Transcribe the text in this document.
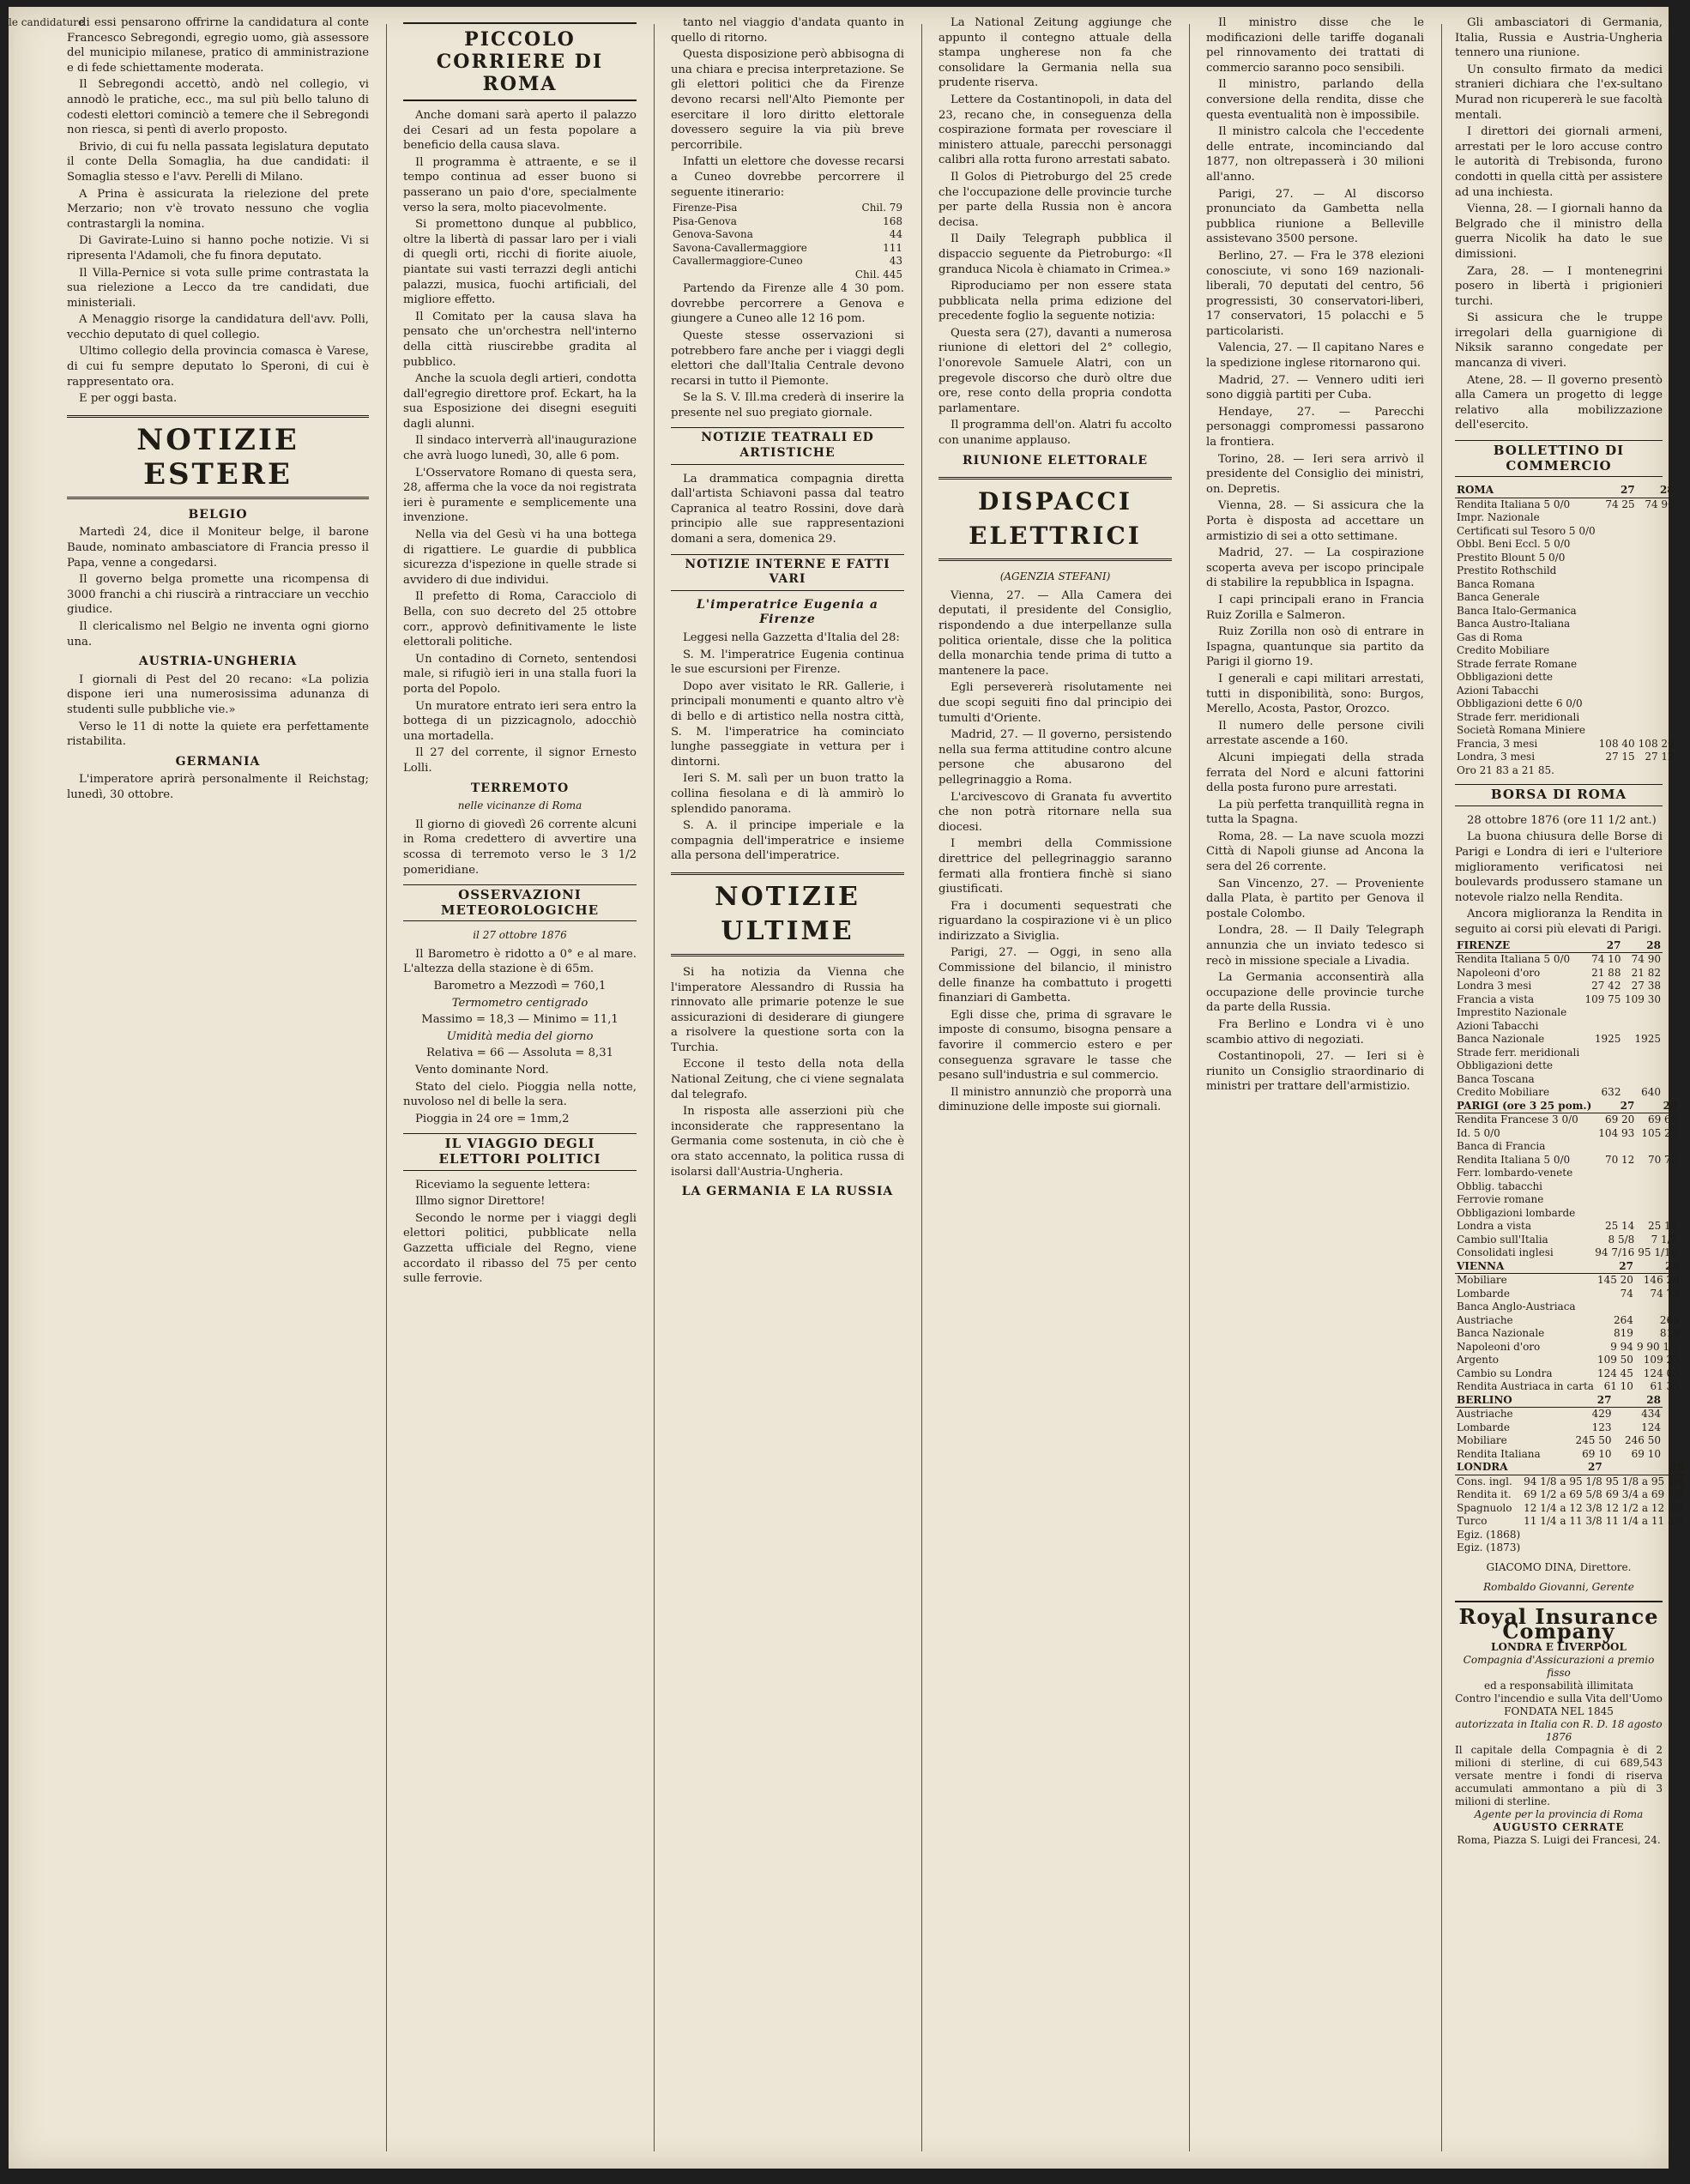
le candidature

di essi pensarono offrirne la candidatura al conte Francesco Sebregondi, egregio uomo, già assessore del municipio milanese, pratico di amministrazione e di fede schiettamente moderata.

Il Sebregondi accettò, andò nel collegio, vi annodò le pratiche, ecc., ma sul più bello taluno di codesti elettori cominciò a temere che il Sebregondi non riesca, si pentì di averlo proposto.

Brivio, di cui fu nella passata legislatura deputato il conte Della Somaglia, ha due candidati: il Somaglia stesso e l'avv. Perelli di Milano.

A Prina è assicurata la rielezione del prete Merzario; non v'è trovato nessuno che voglia contrastargli la nomina.

Di Gavirate-Luino si hanno poche notizie. Vi si ripresenta l'Adamoli, che fu finora deputato.

Il Villa-Pernice si vota sulle prime contrastata la sua rielezione a Lecco da tre candidati, due ministeriali.

A Menaggio risorge la candidatura dell'avv. Polli, vecchio deputato di quel collegio.

Ultimo collegio della provincia comasca è Varese, di cui fu sempre deputato lo Speroni, di cui è rappresentato ora.

E per oggi basta.

NOTIZIE ESTERE
BELGIO

Martedì 24, dice il Moniteur belge, il barone Baude, nominato ambasciatore di Francia presso il Papa, venne a congedarsi.

Il governo belga promette una ricompensa di 3000 franchi a chi riuscirà a rintracciare un vecchio giudice.

Il clericalismo nel Belgio ne inventa ogni giorno una.

AUSTRIA-UNGHERIA

I giornali di Pest del 20 recano: «La polizia dispone ieri una numerosissima adunanza di studenti sulle pubbliche vie.»

Verso le 11 di notte la quiete era perfettamente ristabilita.

GERMANIA

L'imperatore aprirà personalmente il Reichstag; lunedì, 30 ottobre.

PICCOLO CORRIERE DI ROMA

Anche domani sarà aperto il palazzo dei Cesari ad un festa popolare a beneficio della causa slava.

Il programma è attraente, e se il tempo continua ad esser buono si passerano un paio d'ore, specialmente verso la sera, molto piacevolmente.

Si promettono dunque al pubblico, oltre la libertà di passar laro per i viali di quegli orti, ricchi di fiorite aiuole, piantate sui vasti terrazzi degli antichi palazzi, musica, fuochi artificiali, del migliore effetto.

Il Comitato per la causa slava ha pensato che un'orchestra nell'interno della città riuscirebbe gradita al pubblico.

Anche la scuola degli artieri, condotta dall'egregio direttore prof. Eckart, ha la sua Esposizione dei disegni eseguiti dagli alunni.

Il sindaco interverrà all'inaugurazione che avrà luogo lunedì, 30, alle 6 pom.

L'Osservatore Romano di questa sera, 28, afferma che la voce da noi registrata ieri è puramente e semplicemente una invenzione.

Nella via del Gesù vi ha una bottega di rigattiere. Le guardie di pubblica sicurezza d'ispezione in quelle strade si avvidero di due individui.

Il prefetto di Roma, Caracciolo di Bella, con suo decreto del 25 ottobre corr., approvò definitivamente le liste elettorali politiche.

Un contadino di Corneto, sentendosi male, si rifugiò ieri in una stalla fuori la porta del Popolo.

Un muratore entrato ieri sera entro la bottega di un pizzicagnolo, adocchiò una mortadella.

Il 27 del corrente, il signor Ernesto Lolli.

TERREMOTO
nelle vicinanze di Roma

Il giorno di giovedì 26 corrente alcuni in Roma credettero di avvertire una scossa di terremoto verso le 3 1/2 pomeridiane.

OSSERVAZIONI METEOROLOGICHE
il 27 ottobre 1876

Il Barometro è ridotto a 0° e al mare. L'altezza della stazione è di 65m.

Barometro a Mezzodì = 760,1

Termometro centigrado

Massimo = 18,3 — Minimo = 11,1

Umidità media del giorno

Relativa = 66 — Assoluta = 8,31

Vento dominante Nord.

Stato del cielo. Pioggia nella notte, nuvoloso nel di belle la sera.

Pioggia in 24 ore = 1mm,2

IL VIAGGIO DEGLI ELETTORI POLITICI

Riceviamo la seguente lettera:

Illmo signor Direttore!

Secondo le norme per i viaggi degli elettori politici, pubblicate nella Gazzetta ufficiale del Regno, viene accordato il ribasso del 75 per cento sulle ferrovie.

tanto nel viaggio d'andata quanto in quello di ritorno.

Questa disposizione però abbisogna di una chiara e precisa interpretazione. Se gli elettori politici che da Firenze devono recarsi nell'Alto Piemonte per esercitare il loro diritto elettorale dovessero seguire la via più breve percorribile.

Infatti un elettore che dovesse recarsi a Cuneo dovrebbe percorrere il seguente itinerario:

Firenze-Pisa	Chil. 79
Pisa-Genova	168
Genova-Savona	44
Savona-Cavallermaggiore	111
Cavallermaggiore-Cuneo	43
	Chil. 445

Partendo da Firenze alle 4 30 pom. dovrebbe percorrere a Genova e giungere a Cuneo alle 12 16 pom.

Queste stesse osservazioni si potrebbero fare anche per i viaggi degli elettori che dall'Italia Centrale devono recarsi in tutto il Piemonte.

Se la S. V. Ill.ma crederà di inserire la presente nel suo pregiato giornale.

NOTIZIE TEATRALI ED ARTISTICHE

La drammatica compagnia diretta dall'artista Schiavoni passa dal teatro Capranica al teatro Rossini, dove darà principio alle sue rappresentazioni domani a sera, domenica 29.

NOTIZIE INTERNE E FATTI VARI
L'imperatrice Eugenia a Firenze

Leggesi nella Gazzetta d'Italia del 28:

S. M. l'imperatrice Eugenia continua le sue escursioni per Firenze.

Dopo aver visitato le RR. Gallerie, i principali monumenti e quanto altro v'è di bello e di artistico nella nostra città, S. M. l'imperatrice ha cominciato lunghe passeggiate in vettura per i dintorni.

Ieri S. M. salì per un buon tratto la collina fiesolana e di là ammirò lo splendido panorama.

S. A. il principe imperiale e la compagnia dell'imperatrice e insieme alla persona dell'imperatrice.

NOTIZIE ULTIME

Si ha notizia da Vienna che l'imperatore Alessandro di Russia ha rinnovato alle primarie potenze le sue assicurazioni di desiderare di giungere a risolvere la questione sorta con la Turchia.

Eccone il testo della nota della National Zeitung, che ci viene segnalata dal telegrafo.

In risposta alle asserzioni più che inconsiderate che rappresentano la Germania come sostenuta, in ciò che è ora stato accennato, la politica russa di isolarsi dall'Austria-Ungheria.

LA GERMANIA E LA RUSSIA

La National Zeitung aggiunge che appunto il contegno attuale della stampa ungherese non fa che consolidare la Germania nella sua prudente riserva.

Lettere da Costantinopoli, in data del 23, recano che, in conseguenza della cospirazione formata per rovesciare il ministero attuale, parecchi personaggi calibri alla rotta furono arrestati sabato.

Il Golos di Pietroburgo del 25 crede che l'occupazione delle provincie turche per parte della Russia non è ancora decisa.

Il Daily Telegraph pubblica il dispaccio seguente da Pietroburgo: «Il granduca Nicola è chiamato in Crimea.»

Riproduciamo per non essere stata pubblicata nella prima edizione del precedente foglio la seguente notizia:

Questa sera (27), davanti a numerosa riunione di elettori del 2° collegio, l'onorevole Samuele Alatri, con un pregevole discorso che durò oltre due ore, rese conto della propria condotta parlamentare.

Il programma dell'on. Alatri fu accolto con unanime applauso.

RIUNIONE ELETTORALE
DISPACCI ELETTRICI
(AGENZIA STEFANI)

Vienna, 27. — Alla Camera dei deputati, il presidente del Consiglio, rispondendo a due interpellanze sulla politica orientale, disse che la politica della monarchia tende prima di tutto a mantenere la pace.

Egli persevererà risolutamente nei due scopi seguiti fino dal principio dei tumulti d'Oriente.

Madrid, 27. — Il governo, persistendo nella sua ferma attitudine contro alcune persone che abusarono del pellegrinaggio a Roma.

L'arcivescovo di Granata fu avvertito che non potrà ritornare nella sua diocesi.

I membri della Commissione direttrice del pellegrinaggio saranno fermati alla frontiera finchè si siano giustificati.

Fra i documenti sequestrati che riguardano la cospirazione vi è un plico indirizzato a Siviglia.

Parigi, 27. — Oggi, in seno alla Commissione del bilancio, il ministro delle finanze ha combattuto i progetti finanziari di Gambetta.

Egli disse che, prima di sgravare le imposte di consumo, bisogna pensare a favorire il commercio estero e per conseguenza sgravare le tasse che pesano sull'industria e sul commercio.

Il ministro annunziò che proporrà una diminuzione delle imposte sui giornali.

Il ministro disse che le modificazioni delle tariffe doganali pel rinnovamento dei trattati di commercio saranno poco sensibili.

Il ministro, parlando della conversione della rendita, disse che questa eventualità non è impossibile.

Il ministro calcola che l'eccedente delle entrate, incominciando dal 1877, non oltrepasserà i 30 milioni all'anno.

Parigi, 27. — Al discorso pronunciato da Gambetta nella pubblica riunione a Belleville assistevano 3500 persone.

Berlino, 27. — Fra le 378 elezioni conosciute, vi sono 169 nazionali-liberali, 70 deputati del centro, 56 progressisti, 30 conservatori-liberi, 17 conservatori, 15 polacchi e 5 particolaristi.

Valencia, 27. — Il capitano Nares e la spedizione inglese ritornarono qui.

Madrid, 27. — Vennero uditi ieri sono diggià partiti per Cuba.

Hendaye, 27. — Parecchi personaggi compromessi passarono la frontiera.

Torino, 28. — Ieri sera arrivò il presidente del Consiglio dei ministri, on. Depretis.

Vienna, 28. — Si assicura che la Porta è disposta ad accettare un armistizio di sei a otto settimane.

Madrid, 27. — La cospirazione scoperta aveva per iscopo principale di stabilire la repubblica in Ispagna.

I capi principali erano in Francia Ruiz Zorilla e Salmeron.

Ruiz Zorilla non osò di entrare in Ispagna, quantunque sia partito da Parigi il giorno 19.

I generali e capi militari arrestati, tutti in disponibilità, sono: Burgos, Merello, Acosta, Pastor, Orozco.

Il numero delle persone civili arrestate ascende a 160.

Alcuni impiegati della strada ferrata del Nord e alcuni fattorini della posta furono pure arrestati.

La più perfetta tranquillità regna in tutta la Spagna.

Roma, 28. — La nave scuola mozzi Città di Napoli giunse ad Ancona la sera del 26 corrente.

San Vincenzo, 27. — Proveniente dalla Plata, è partito per Genova il postale Colombo.

Londra, 28. — Il Daily Telegraph annunzia che un inviato tedesco si recò in missione speciale a Livadia.

La Germania acconsentirà alla occupazione delle provincie turche da parte della Russia.

Fra Berlino e Londra vi è uno scambio attivo di negoziati.

Costantinopoli, 27. — Ieri si è riunito un Consiglio straordinario di ministri per trattare dell'armistizio.

Gli ambasciatori di Germania, Italia, Russia e Austria-Ungheria tennero una riunione.

Un consulto firmato da medici stranieri dichiara che l'ex-sultano Murad non ricupererà le sue facoltà mentali.

I direttori dei giornali armeni, arrestati per le loro accuse contro le autorità di Trebisonda, furono condotti in quella città per assistere ad una inchiesta.

Vienna, 28. — I giornali hanno da Belgrado che il ministro della guerra Nicolik ha dato le sue dimissioni.

Zara, 28. — I montenegrini posero in libertà i prigionieri turchi.

Si assicura che le truppe irregolari della guarnigione di Niksik saranno congedate per mancanza di viveri.

Atene, 28. — Il governo presentò alla Camera un progetto di legge relativo alla mobilizzazione dell'esercito.

BOLLETTINO DI COMMERCIO
ROMA	27	28
Rendita Italiana 5 0/0	74 25	74 90
Impr. Nazionale		
Certificati sul Tesoro 5 0/0		
Obbl. Beni Eccl. 5 0/0		
Prestito Blount 5 0/0		
Prestito Rothschild		
Banca Romana		
Banca Generale		
Banca Italo-Germanica		
Banca Austro-Italiana		
Gas di Roma		
Credito Mobiliare		
Strade ferrate Romane		
Obbligazioni dette		
Azioni Tabacchi		
Obbligazioni dette 6 0/0		
Strade ferr. meridionali		
Società Romana Miniere		
Francia, 3 mesi	108 40	108 20
Londra, 3 mesi	27 15	27 12
Oro 21 83 a 21 85.		
BORSA DI ROMA

28 ottobre 1876 (ore 11 1/2 ant.)

La buona chiusura delle Borse di Parigi e Londra di ieri e l'ulteriore miglioramento verificatosi nei boulevards produssero stamane un notevole rialzo nella Rendita.

Ancora miglioranza la Rendita in seguito ai corsi più elevati di Parigi.

FIRENZE	27	28
Rendita Italiana 5 0/0	74 10	74 90
Napoleoni d'oro	21 88	21 82
Londra 3 mesi	27 42	27 38
Francia a vista	109 75	109 30
Imprestito Nazionale		
Azioni Tabacchi		
Banca Nazionale	1925	1925
Strade ferr. meridionali		
Obbligazioni dette		
Banca Toscana		
Credito Mobiliare	632	640
PARIGI (ore 3 25 pom.)	27	28
Rendita Francese 3 0/0	69 20	69 65
Id. 5 0/0	104 93	105 20
Banca di Francia		
Rendita Italiana 5 0/0	70 12	70 70
Ferr. lombardo-venete		
Obblig. tabacchi		
Ferrovie romane		
Obbligazioni lombarde		
Londra a vista	25 14	25 17
Cambio sull'Italia	8 5/8	7 1/2
Consolidati inglesi	94 7/16	95 1/16
VIENNA	27	28
Mobiliare	145 20	146 20
Lombarde	74	74 75
Banca Anglo-Austriaca		
Austriache	264	265
Banca Nazionale	819	819
Napoleoni d'oro	9 94	9 90 1/2
Argento	109 50	109 25
Cambio su Londra	124 45	124 05
Rendita Austriaca in carta	61 10	61 35
BERLINO	27	28
Austriache	429	434
Lombarde	123	124
Mobiliare	245 50	246 50
Rendita Italiana	69 10	69 10
LONDRA	27	28
Cons. ingl.	94 1/8 a 95 1/8	95 1/8 a 95 1/4
Rendita it.	69 1/2 a 69 5/8	69 3/4 a 69 7/8
Spagnuolo	12 1/4 a 12 3/8	12 1/2 a 12 5/8
Turco	11 1/4 a 11 3/8	11 1/4 a 11 3/8
Egiz. (1868)		
Egiz. (1873)		
GIACOMO DINA, Direttore.
Rombaldo Giovanni, Gerente
Royal Insurance Company
LONDRA E LIVERPOOL
Compagnia d'Assicurazioni a premio fisso
ed a responsabilità illimitata
Contro l'incendio e sulla Vita dell'Uomo
FONDATA NEL 1845
autorizzata in Italia con R. D. 18 agosto 1876
Il capitale della Compagnia è di 2 milioni di sterline, di cui 689,543 versate mentre i fondi di riserva accumulati ammontano a più di 3 milioni di sterline.
Agente per la provincia di Roma
AUGUSTO CERRATE
Roma, Piazza S. Luigi dei Francesi, 24.
